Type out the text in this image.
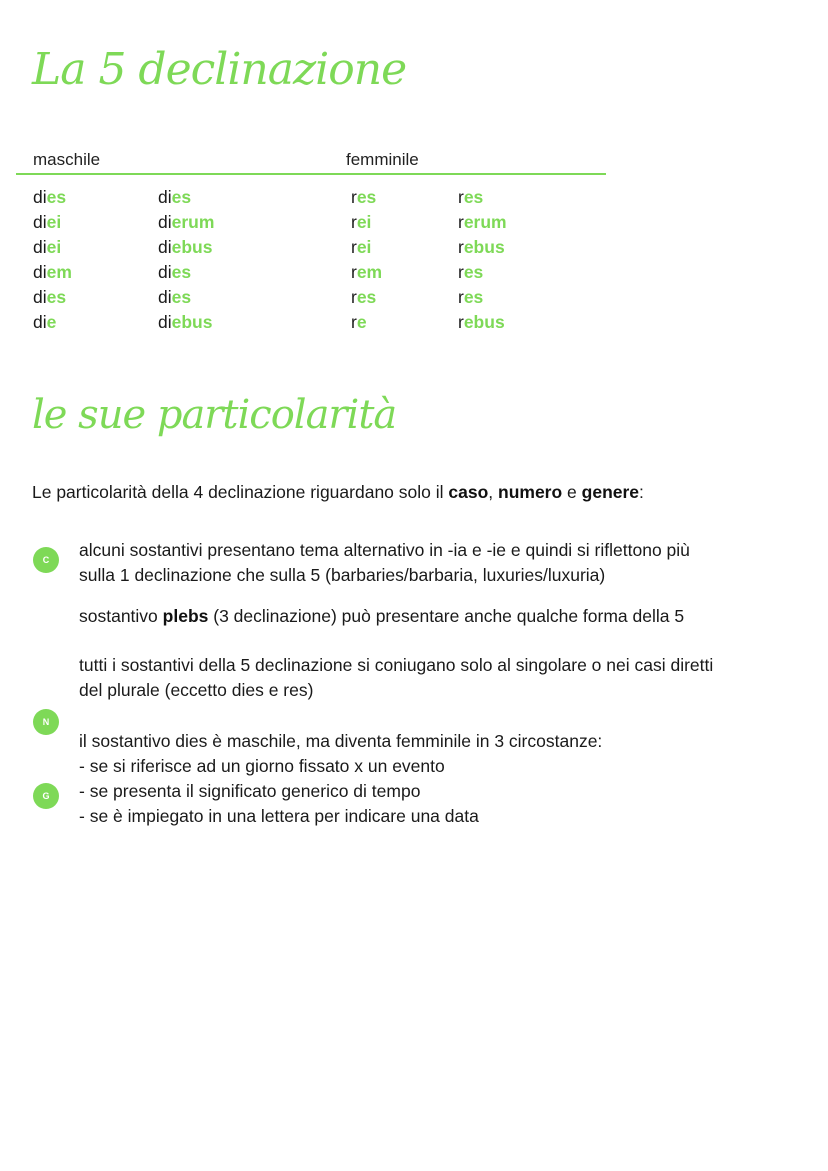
La 5 declinazione
maschile	femminile
dies
diei
diei
diem
dies
die
dies
dierum
diebus
dies
dies
diebus
res
rei
rei
rem
res
re
res
rerum
rebus
res
res
rebus
le sue particolarità
Le particolarità della 4 declinazione riguardano solo il caso, numero e genere:
C
N
G
alcuni sostantivi presentano tema alternativo in -ia e -ie e quindi si riflettono più
sulla 1 declinazione che sulla 5 (barbaries/barbaria, luxuries/luxuria)
sostantivo plebs (3 declinazione) può presentare anche qualche forma della 5
tutti i sostantivi della 5 declinazione si coniugano solo al singolare o nei casi diretti
del plurale (eccetto dies e res)
il sostantivo dies è maschile, ma diventa femminile in 3 circostanze:
- se si riferisce ad un giorno fissato x un evento
- se presenta il significato generico di tempo
- se è impiegato in una lettera per indicare una data
